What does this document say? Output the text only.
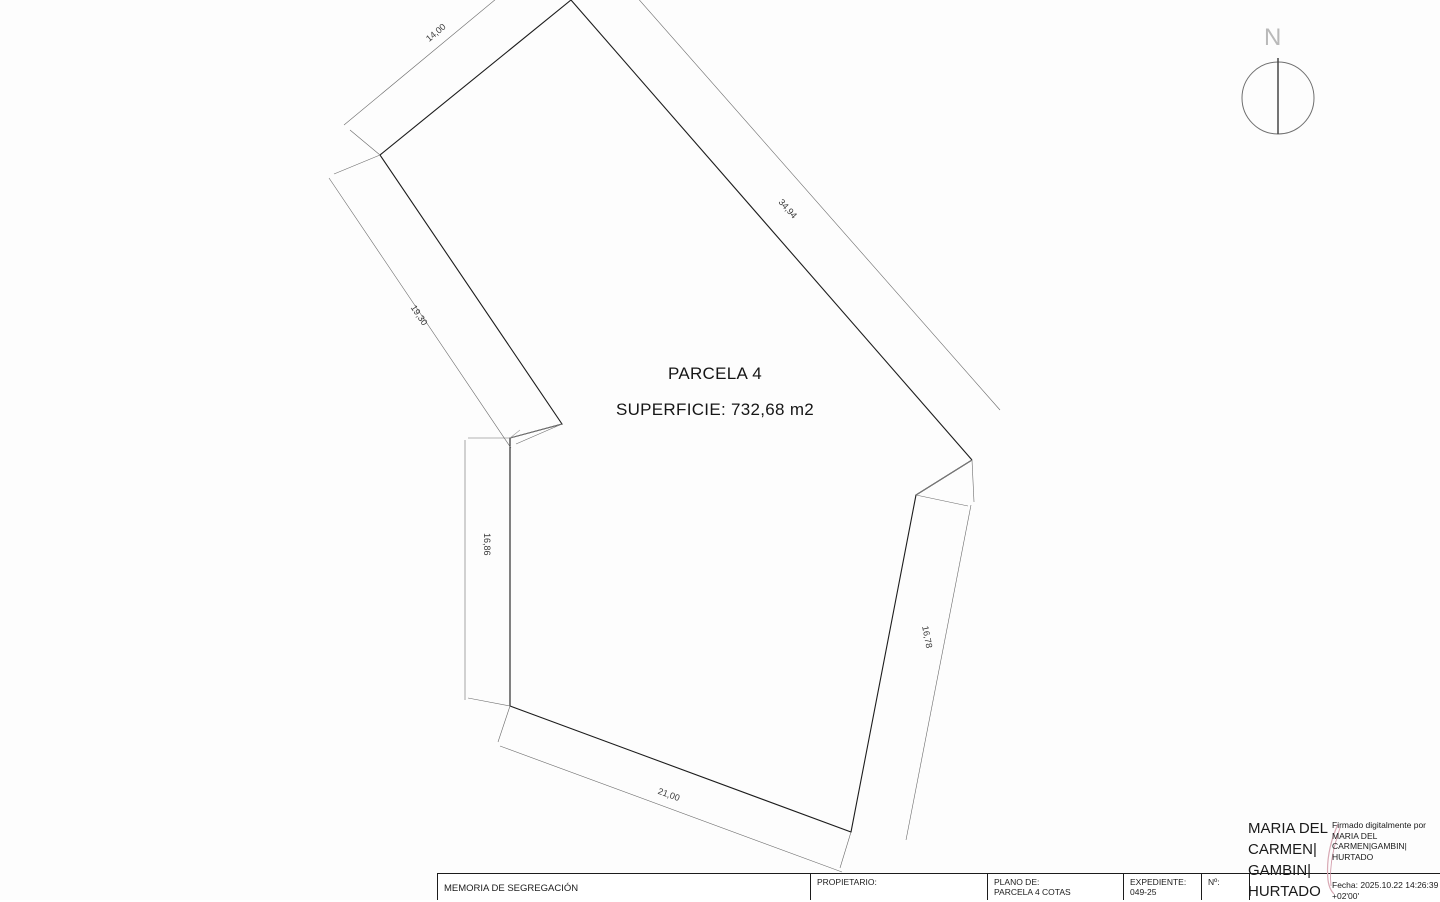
14,00
34,94
19,30
16,86
16,78
21,00
PARCELA 4
SUPERFICIE: 732,68 m2
N
MEMORIA DE SEGREGACIÓN
PROPIETARIO:	PLANO DE:
PARCELA 4 COTAS
EXPEDIENTE:
049-25
Nº:
MARIA DEL CARMEN| GAMBIN| HURTADO
Firmado digitalmente por MARIA DEL CARMEN|GAMBIN| HURTADO
Fecha: 2025.10.22 14:26:39 +02'00'
